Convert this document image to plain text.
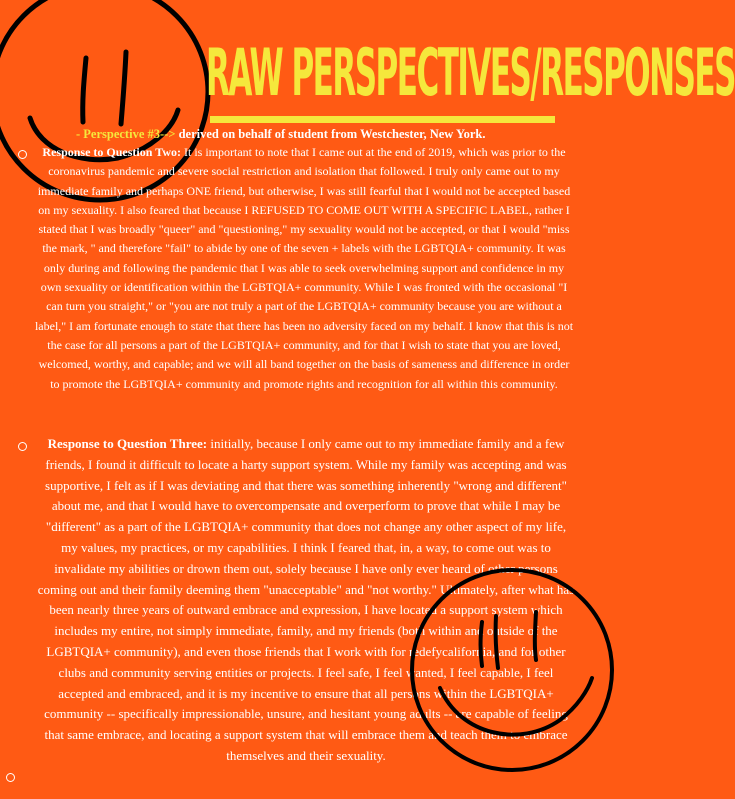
RAW PERSPECTIVES/RESPONSES
- Perspective #3--> derived on behalf of student from Westchester, New York.
Response to Question Two: It is important to note that I came out at the end of 2019, which was prior to the coronavirus pandemic and severe social restriction and isolation that followed. I truly only came out to my immediate family and perhaps ONE friend, but otherwise, I was still fearful that I would not be accepted based on my sexuality. I also feared that because I REFUSED TO COME OUT WITH A SPECIFIC LABEL, rather I stated that I was broadly "queer" and "questioning," my sexuality would not be accepted, or that I would "miss the mark, " and therefore "fail" to abide by one of the seven + labels with the LGBTQIA+ community. It was only during and following the pandemic that I was able to seek overwhelming support and confidence in my own sexuality or identification within the LGBTQIA+ community. While I was fronted with the occasional "I can turn you straight," or "you are not truly a part of the LGBTQIA+ community because you are without a label," I am fortunate enough to state that there has been no adversity faced on my behalf. I know that this is not the case for all persons a part of the LGBTQIA+ community, and for that I wish to state that you are loved, welcomed, worthy, and capable; and we will all band together on the basis of sameness and difference in order to promote the LGBTQIA+ community and promote rights and recognition for all within this community.
Response to Question Three: initially, because I only came out to my immediate family and a few friends, I found it difficult to locate a harty support system. While my family was accepting and was supportive, I felt as if I was deviating and that there was something inherently "wrong and different" about me, and that I would have to overcompensate and overperform to prove that while I may be "different" as a part of the LGBTQIA+ community that does not change any other aspect of my life, my values, my practices, or my capabilities. I think I feared that, in, a way, to come out was to invalidate my abilities or drown them out, solely because I have only ever heard of other persons coming out and their family deeming them "unacceptable" and "not worthy." Ultimately, after what has been nearly three years of outward embrace and expression, I have located a support system which includes my entire, not simply immediate, family, and my friends (both within and outside of the LGBTQIA+ community), and even those friends that I work with for redefycalifornia, and for other clubs and community serving entities or projects. I feel safe, I feel wanted, I feel capable, I feel accepted and embraced, and it is my incentive to ensure that all persons within the LGBTQIA+ community -- specifically impressionable, unsure, and hesitant young adults -- are capable of feeling that same embrace, and locating a support system that will embrace them and teach them to embrace themselves and their sexuality.
